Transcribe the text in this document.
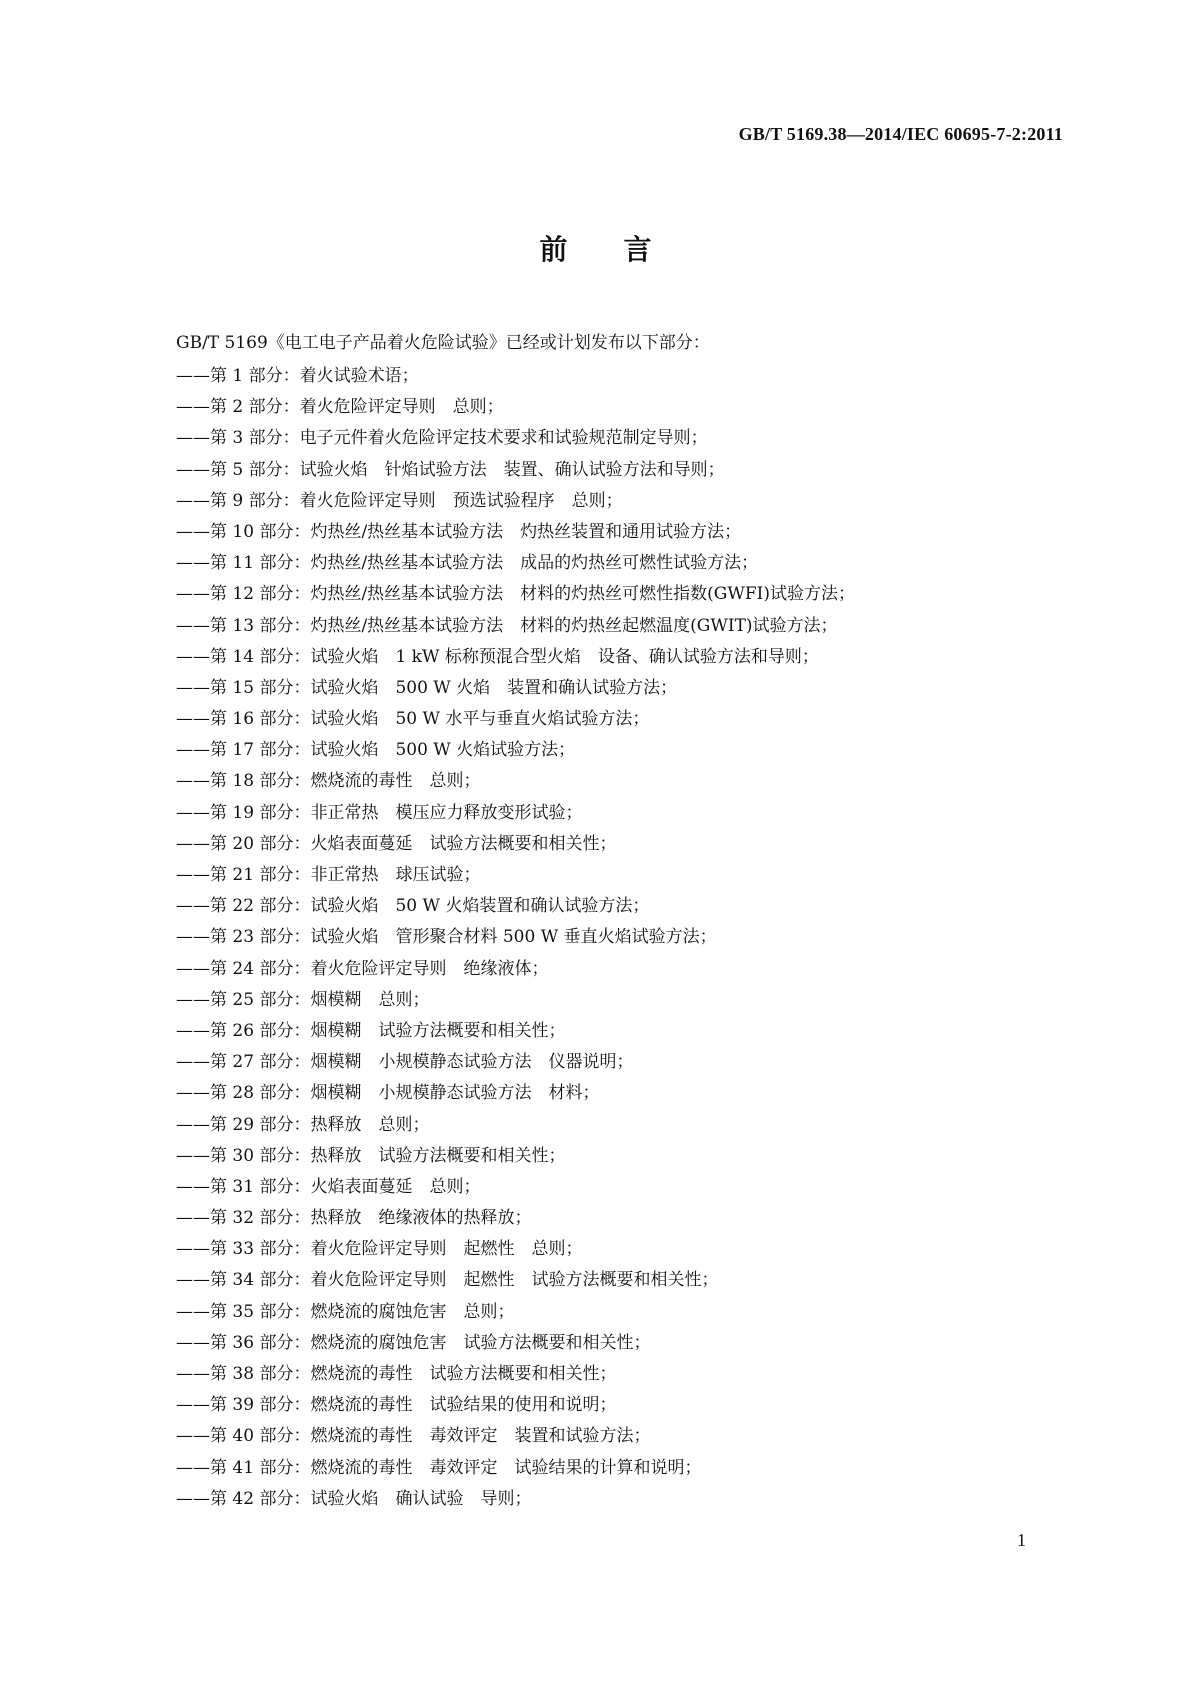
GB/T 5169.38—2014/IEC 60695-7-2:2011
前言
GB/T 5169《电工电子产品着火危险试验》已经或计划发布以下部分：
——第 1 部分：着火试验术语；
——第 2 部分：着火危险评定导则　总则；
——第 3 部分：电子元件着火危险评定技术要求和试验规范制定导则；
——第 5 部分：试验火焰　针焰试验方法　装置、确认试验方法和导则；
——第 9 部分：着火危险评定导则　预选试验程序　总则；
——第 10 部分：灼热丝/热丝基本试验方法　灼热丝装置和通用试验方法；
——第 11 部分：灼热丝/热丝基本试验方法　成品的灼热丝可燃性试验方法；
——第 12 部分：灼热丝/热丝基本试验方法　材料的灼热丝可燃性指数(GWFI)试验方法；
——第 13 部分：灼热丝/热丝基本试验方法　材料的灼热丝起燃温度(GWIT)试验方法；
——第 14 部分：试验火焰　1 kW 标称预混合型火焰　设备、确认试验方法和导则；
——第 15 部分：试验火焰　500 W 火焰　装置和确认试验方法；
——第 16 部分：试验火焰　50 W 水平与垂直火焰试验方法；
——第 17 部分：试验火焰　500 W 火焰试验方法；
——第 18 部分：燃烧流的毒性　总则；
——第 19 部分：非正常热　模压应力释放变形试验；
——第 20 部分：火焰表面蔓延　试验方法概要和相关性；
——第 21 部分：非正常热　球压试验；
——第 22 部分：试验火焰　50 W 火焰装置和确认试验方法；
——第 23 部分：试验火焰　管形聚合材料 500 W 垂直火焰试验方法；
——第 24 部分：着火危险评定导则　绝缘液体；
——第 25 部分：烟模糊　总则；
——第 26 部分：烟模糊　试验方法概要和相关性；
——第 27 部分：烟模糊　小规模静态试验方法　仪器说明；
——第 28 部分：烟模糊　小规模静态试验方法　材料；
——第 29 部分：热释放　总则；
——第 30 部分：热释放　试验方法概要和相关性；
——第 31 部分：火焰表面蔓延　总则；
——第 32 部分：热释放　绝缘液体的热释放；
——第 33 部分：着火危险评定导则　起燃性　总则；
——第 34 部分：着火危险评定导则　起燃性　试验方法概要和相关性；
——第 35 部分：燃烧流的腐蚀危害　总则；
——第 36 部分：燃烧流的腐蚀危害　试验方法概要和相关性；
——第 38 部分：燃烧流的毒性　试验方法概要和相关性；
——第 39 部分：燃烧流的毒性　试验结果的使用和说明；
——第 40 部分：燃烧流的毒性　毒效评定　装置和试验方法；
——第 41 部分：燃烧流的毒性　毒效评定　试验结果的计算和说明；
——第 42 部分：试验火焰　确认试验　导则；
1
